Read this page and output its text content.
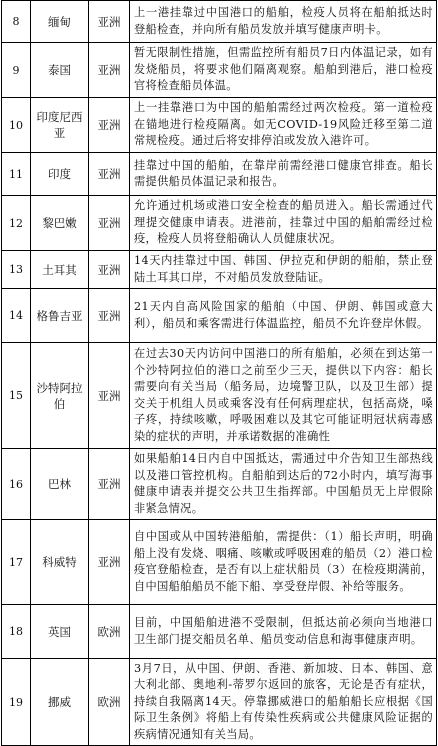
8	缅甸	亚洲	上一港挂靠过中国港口的船舶，检疫人员将在船舶抵达时登船检查，并向所有船员发放并填写健康声明卡。
9	泰国	亚洲	暂无限制性措施，但需监控所有船员7日内体温记录，如有发烧船员，将要求他们隔离观察。船舶到港后，港口检疫官将检查船员体温。
10	印度尼西亚	亚洲	上一挂靠港口为中国的船舶需经过两次检疫。第一道检疫在锚地进行检疫隔离。如无COVID-19风险迁移至第二道常规检疫。通过后将安排停泊或发放入港许可。
11	印度	亚洲	挂靠过中国的船舶，在靠岸前需经港口健康官排查。船长需提供船员体温记录和报告。
12	黎巴嫩	亚洲	允许通过机场或港口安全检查的船员进入。船长需通过代理提交健康申请表。进港前，挂靠过中国的船舶需经过检疫，检疫人员将登船确认人员健康状况。
13	土耳其	亚洲	14天内挂靠过中国、韩国、伊拉克和伊朗的船舶，禁止登陆土耳其口岸，不对船员发放登陆证。
14	格鲁吉亚	亚洲	21天内自高风险国家的船舶（中国、伊朗、韩国或意大利），船员和乘客需进行体温监控，船员不允许登岸休假。
15	沙特阿拉伯	亚洲	在过去30天内访问中国港口的所有船舶，必须在到达第一个沙特阿拉伯的港口之前至少三天，提供以下内容：船长需要向有关当局（船务局，边境警卫队，以及卫生部）提交关于机组人员或乘客没有任何病理症状，包括高烧，嗓子疼，持续咳嗽，呼吸困难以及其它可能证明冠状病毒感染的症状的声明，并承诺数据的准确性
16	巴林	亚洲	如果船舶14日内自中国抵达，需通过中介告知卫生部热线以及港口管控机构。自船舶到达后的72小时内，填写海事健康申请表并提交公共卫生指挥部。中国船员无上岸假除非紧急情况。
17	科威特	亚洲	自中国或从中国转港船舶，需提供：（1）船长声明，明确船上没有发烧、咽痛、咳嗽或呼吸困难的船员（2）港口检疫官登船检查，是否有以上症状船员（3）在检疫期满前，自中国船舶船员不能下船、享受登岸假、补给等服务。
18	英国	欧洲	目前，中国船舶进港不受限制，但抵达前必须向当地港口卫生部门提交船员名单、船员变动信息和海事健康声明。
19	挪威	欧洲	3月7日，从中国、伊朗、香港、新加坡、日本、韩国、意大利北部、奥地利-蒂罗尔返回的旅客，无论是否有症状，持续自我隔离14天。停靠挪威港口的船舶船长应根据《国际卫生条例》将船上有传染性疾病或公共健康风险证据的疾病情况通知有关当局。
